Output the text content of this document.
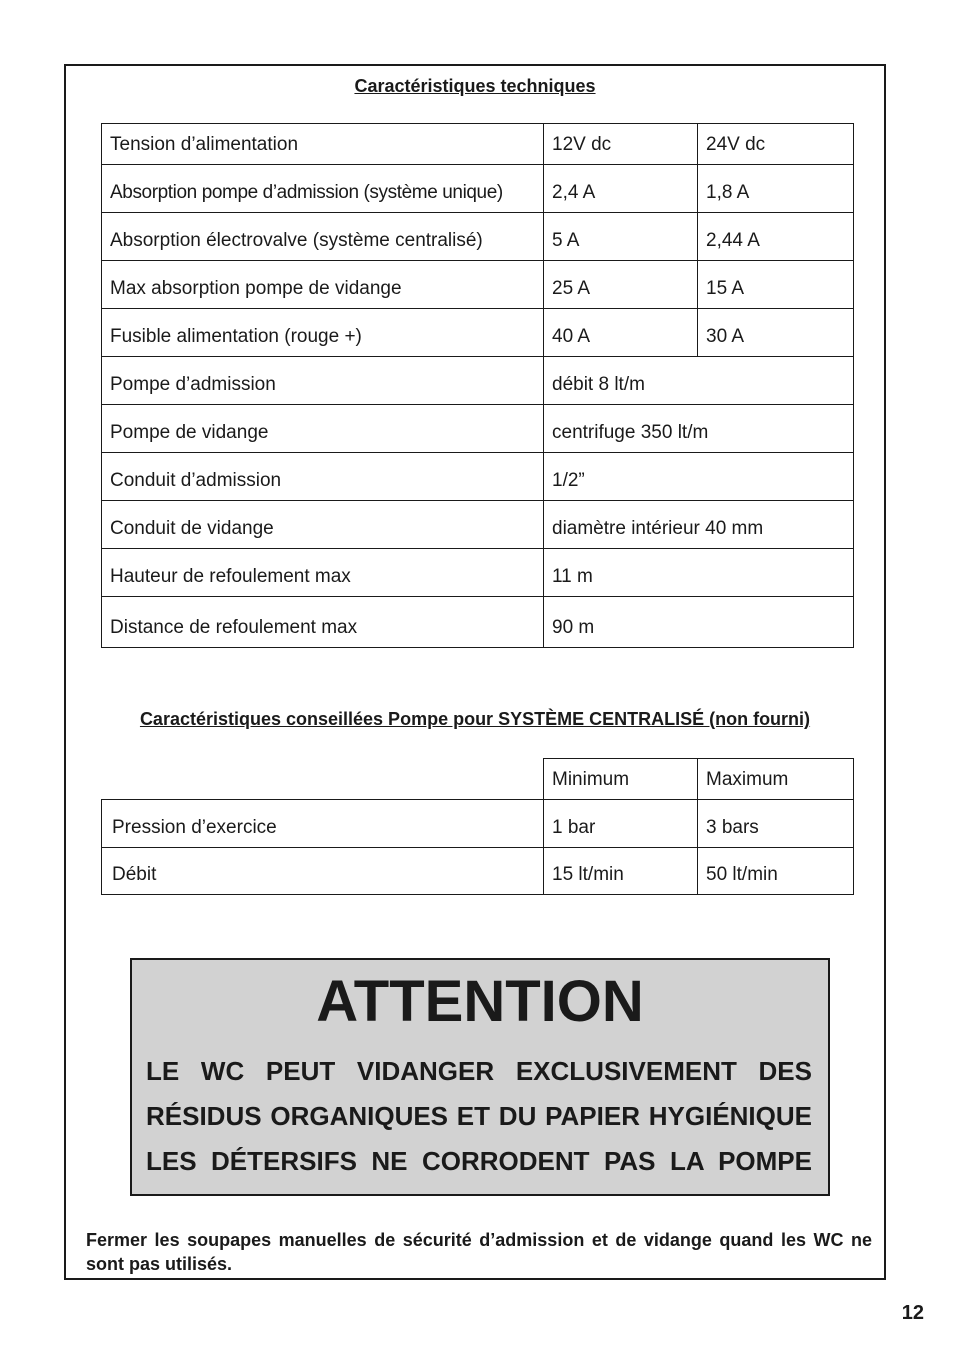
Caractéristiques techniques
Tension d’alimentation	12V dc	24V dc
Absorption pompe d’admission (système unique)	2,4 A	1,8 A
Absorption électrovalve (système centralisé)	5 A	2,44 A
Max absorption pompe de vidange	25 A	15 A
Fusible alimentation (rouge +)	40 A	30 A
Pompe d’admission	débit 8 lt/m	
Pompe de vidange	centrifuge 350 lt/m	
Conduit d’admission	1/2”	
Conduit de vidange	diamètre intérieur 40 mm	
Hauteur de refoulement max	11 m	
Distance de refoulement max	90 m	
Caractéristiques conseillées Pompe pour SYSTÈME CENTRALISÉ (non fourni)
	Minimum	Maximum
Pression d’exercice	1 bar	3 bars
Débit	15 lt/min	50 lt/min
ATTENTION
LE WC PEUT VIDANGER EXCLUSIVEMENT DES
RÉSIDUS ORGANIQUES ET DU PAPIER HYGIÉNIQUE
LES DÉTERSIFS NE CORRODENT PAS LA POMPE
Fermer les soupapes manuelles de sécurité d’admission et de vidange quand les WC ne sont pas utilisés.
12
